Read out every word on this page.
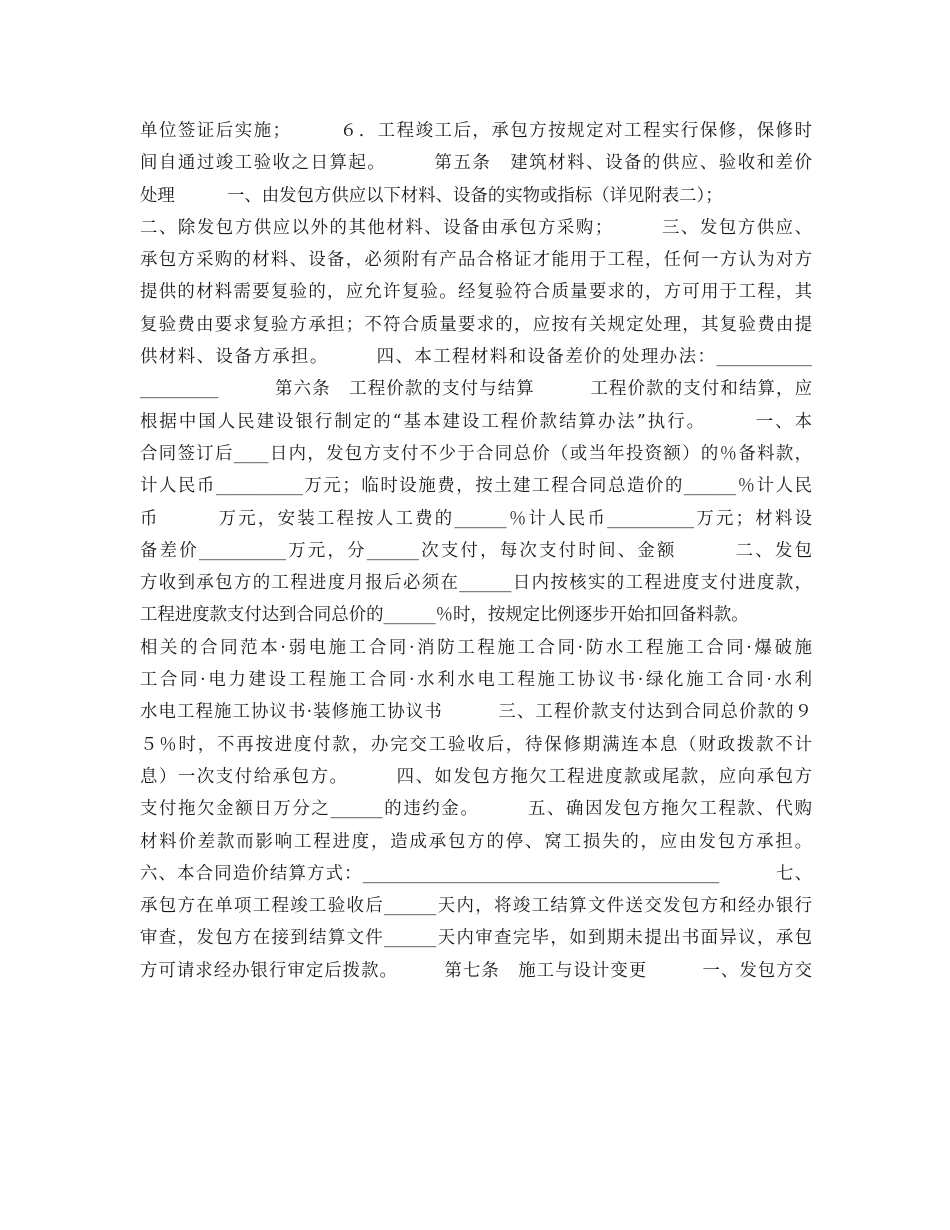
单位签证后实施；　　　６．工程竣工后，承包方按规定对工程实行保修，保修时
间自通过竣工验收之日算起。　　　第五条　建筑材料、设备的供应、验收和差价
处理　　　一、由发包方供应以下材料、设备的实物或指标（详见附表二）；
二、除发包方供应以外的其他材料、设备由承包方采购；　　　三、发包方供应、
承包方采购的材料、设备，必须附有产品合格证才能用于工程，任何一方认为对方
提供的材料需要复验的，应允许复验。经复验符合质量要求的，方可用于工程，其
复验费由要求复验方承担；不符合质量要求的，应按有关规定处理，其复验费由提
供材料、设备方承担。　　　四、本工程材料和设备差价的处理办法：___________
_________　　　第六条　工程价款的支付与结算　　　工程价款的支付和结算，应
根据中国人民建设银行制定的“基本建设工程价款结算办法”执行。　　　一、本
合同签订后____日内，发包方支付不少于合同总价（或当年投资额）的％备料款，
计人民币__________万元；临时设施费，按土建工程合同总造价的______％计人民
币　　　万元，安装工程按人工费的______％计人民币__________万元；材料设
备差价__________万元，分______次支付，每次支付时间、金额　　　二、发包
方收到承包方的工程进度月报后必须在______日内按核实的工程进度支付进度款，
工程进度款支付达到合同总价的______％时，按规定比例逐步开始扣回备料款。
相关的合同范本·弱电施工合同·消防工程施工合同·防水工程施工合同·爆破施
工合同·电力建设工程施工合同·水利水电工程施工协议书·绿化施工合同·水利
水电工程施工协议书·装修施工协议书　　　三、工程价款支付达到合同总价款的９
５％时，不再按进度付款，办完交工验收后，待保修期满连本息（财政拨款不计
息）一次支付给承包方。　　　四、如发包方拖欠工程进度款或尾款，应向承包方
支付拖欠金额日万分之______的违约金。　　　五、确因发包方拖欠工程款、代购
材料价差款而影响工程进度，造成承包方的停、窝工损失的，应由发包方承担。
六、本合同造价结算方式：_________________________________________　　　七、
承包方在单项工程竣工验收后______天内，将竣工结算文件送交发包方和经办银行
审查，发包方在接到结算文件______天内审查完毕，如到期未提出书面异议，承包
方可请求经办银行审定后拨款。　　　第七条　施工与设计变更　　　一、发包方交
